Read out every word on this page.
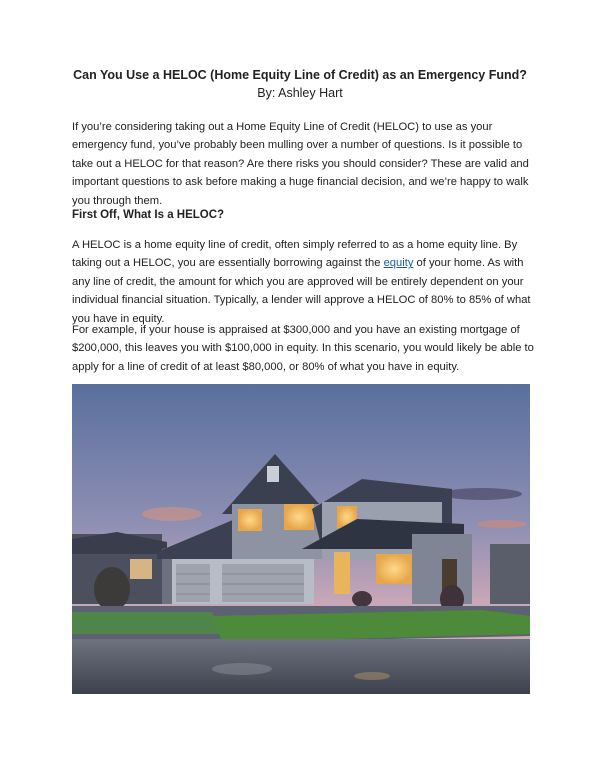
Can You Use a HELOC (Home Equity Line of Credit) as an Emergency Fund?
By: Ashley Hart

If you’re considering taking out a Home Equity Line of Credit (HELOC) to use as your emergency fund, you’ve probably been mulling over a number of questions. Is it possible to take out a HELOC for that reason? Are there risks you should consider? These are valid and important questions to ask before making a huge financial decision, and we’re happy to walk you through them.

First Off, What Is a HELOC?

A HELOC is a home equity line of credit, often simply referred to as a home equity line. By taking out a HELOC, you are essentially borrowing against the equity of your home. As with any line of credit, the amount for which you are approved will be entirely dependent on your individual financial situation. Typically, a lender will approve a HELOC of 80% to 85% of what you have in equity.

For example, if your house is appraised at $300,000 and you have an existing mortgage of $200,000, this leaves you with $100,000 in equity. In this scenario, you would likely be able to apply for a line of credit of at least $80,000, or 80% of what you have in equity.
